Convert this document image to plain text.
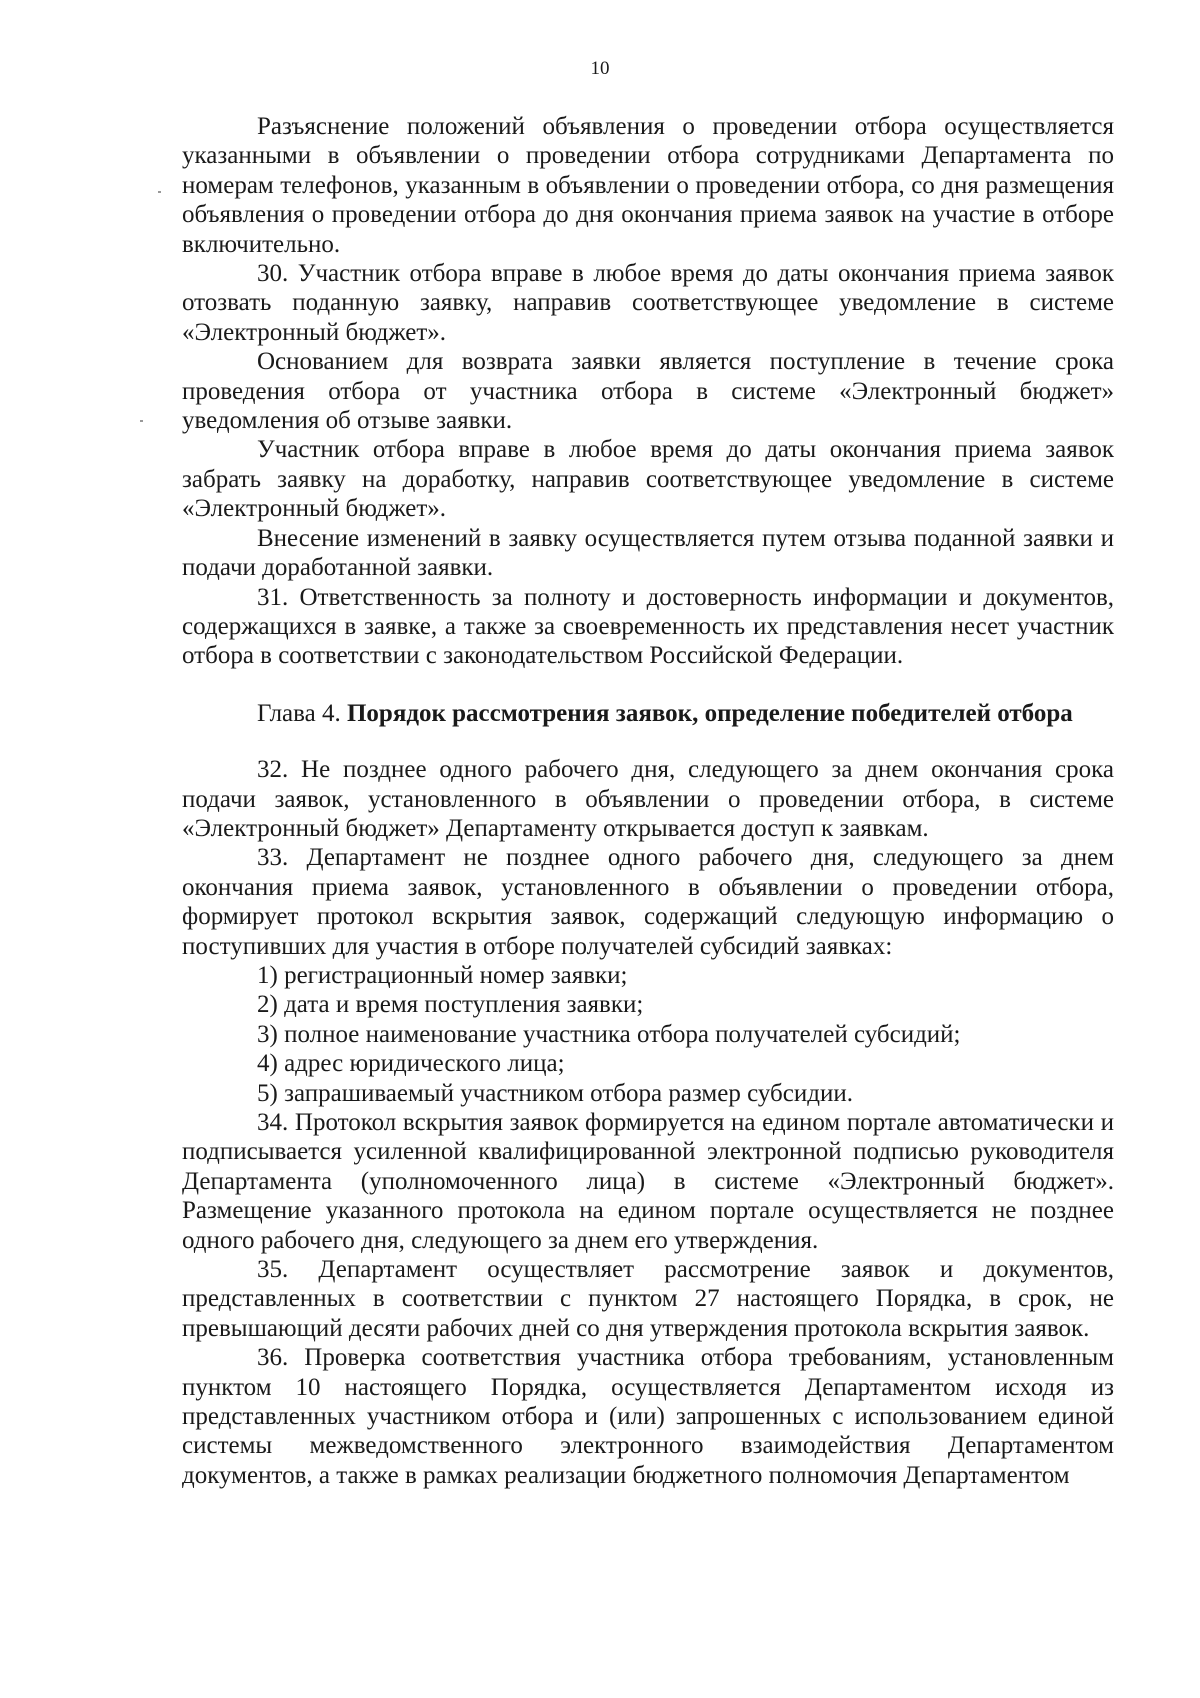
10

Разъяснение положений объявления о проведении отбора осуществляется указанными в объявлении о проведении отбора сотрудниками Департамента по номерам телефонов, указанным в объявлении о проведении отбора, со дня размещения объявления о проведении отбора до дня окончания приема заявок на участие в отборе включительно.

30. Участник отбора вправе в любое время до даты окончания приема заявок отозвать поданную заявку, направив соответствующее уведомление в системе «Электронный бюджет».

Основанием для возврата заявки является поступление в течение срока проведения отбора от участника отбора в системе «Электронный бюджет» уведомления об отзыве заявки.

Участник отбора вправе в любое время до даты окончания приема заявок забрать заявку на доработку, направив соответствующее уведомление в системе «Электронный бюджет».

Внесение изменений в заявку осуществляется путем отзыва поданной заявки и подачи доработанной заявки.

31. Ответственность за полноту и достоверность информации и документов, содержащихся в заявке, а также за своевременность их представления несет участник отбора в соответствии с законодательством Российской Федерации.

Глава 4. Порядок рассмотрения заявок, определение победителей отбора

32. Не позднее одного рабочего дня, следующего за днем окончания срока подачи заявок, установленного в объявлении о проведении отбора, в системе «Электронный бюджет» Департаменту открывается доступ к заявкам.

33. Департамент не позднее одного рабочего дня, следующего за днем окончания приема заявок, установленного в объявлении о проведении отбора, формирует протокол вскрытия заявок, содержащий следующую информацию о поступивших для участия в отборе получателей субсидий заявках:

1) регистрационный номер заявки;

2) дата и время поступления заявки;

3) полное наименование участника отбора получателей субсидий;

4) адрес юридического лица;

5) запрашиваемый участником отбора размер субсидии.

34. Протокол вскрытия заявок формируется на едином портале автоматически и подписывается усиленной квалифицированной электронной подписью руководителя Департамента (уполномоченного лица) в системе «Электронный бюджет». Размещение указанного протокола на едином портале осуществляется не позднее одного рабочего дня, следующего за днем его утверждения.

35. Департамент осуществляет рассмотрение заявок и документов, представленных в соответствии с пунктом 27 настоящего Порядка, в срок, не превышающий десяти рабочих дней со дня утверждения протокола вскрытия заявок.

36. Проверка соответствия участника отбора требованиям, установленным пунктом 10 настоящего Порядка, осуществляется Департаментом исходя из представленных участником отбора и (или) запрошенных с использованием единой системы межведомственного электронного взаимодействия Департаментом документов, а также в рамках реализации бюджетного полномочия Департаментом
